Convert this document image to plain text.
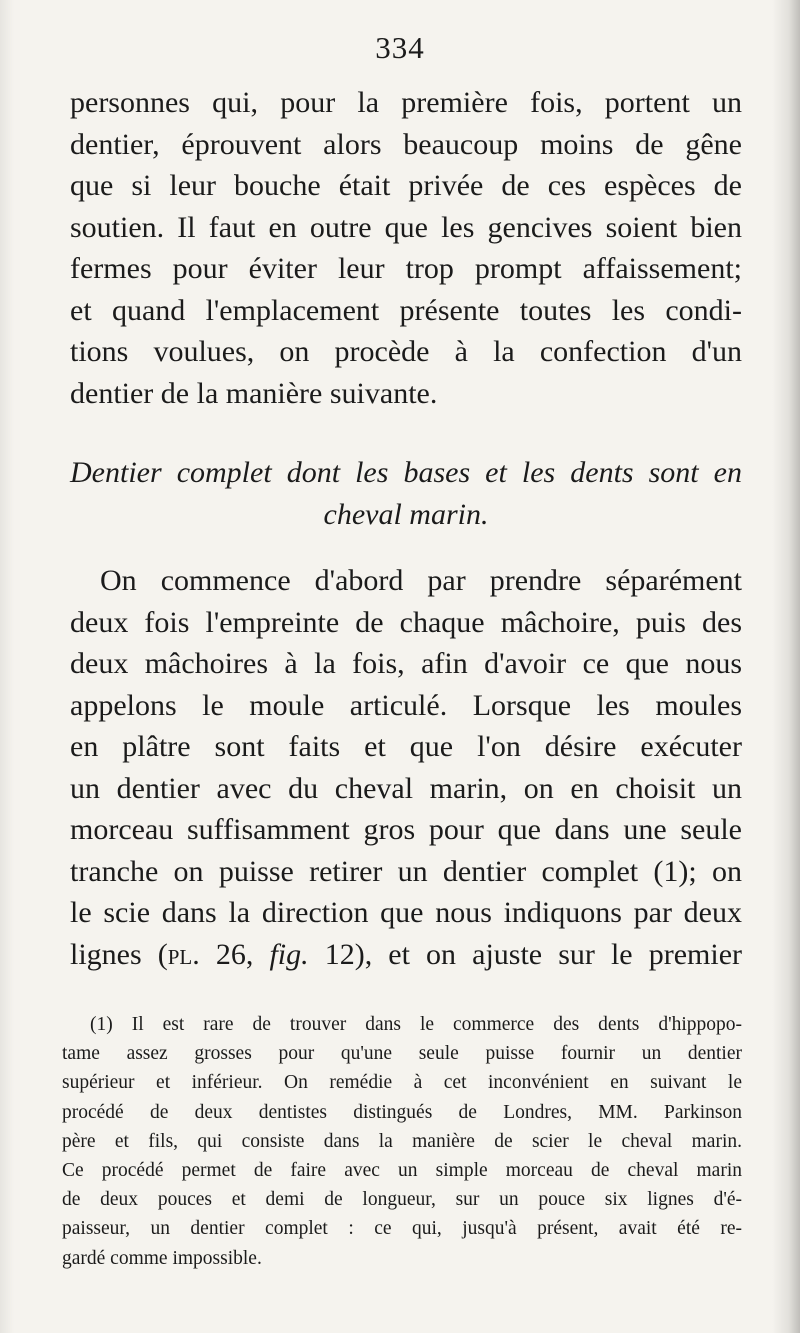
334
personnes qui, pour la première fois, portent un
dentier, éprouvent alors beaucoup moins de gêne
que si leur bouche était privée de ces espèces de
soutien. Il faut en outre que les gencives soient bien
fermes pour éviter leur trop prompt affaissement;
et quand l'emplacement présente toutes les condi-
tions voulues, on procède à la confection d'un
dentier de la manière suivante.
Dentier complet dont les bases et les dents sont en
cheval marin.
On commence d'abord par prendre séparément
deux fois l'empreinte de chaque mâchoire, puis des
deux mâchoires à la fois, afin d'avoir ce que nous
appelons le moule articulé. Lorsque les moules
en plâtre sont faits et que l'on désire exécuter
un dentier avec du cheval marin, on en choisit un
morceau suffisamment gros pour que dans une seule
tranche on puisse retirer un dentier complet (1); on
le scie dans la direction que nous indiquons par deux
lignes (pl. 26, fig. 12), et on ajuste sur le premier
(1) Il est rare de trouver dans le commerce des dents d'hippopo-
tame assez grosses pour qu'une seule puisse fournir un dentier
supérieur et inférieur. On remédie à cet inconvénient en suivant le
procédé de deux dentistes distingués de Londres, MM. Parkinson
père et fils, qui consiste dans la manière de scier le cheval marin.
Ce procédé permet de faire avec un simple morceau de cheval marin
de deux pouces et demi de longueur, sur un pouce six lignes d'é-
paisseur, un dentier complet : ce qui, jusqu'à présent, avait été re-
gardé comme impossible.
